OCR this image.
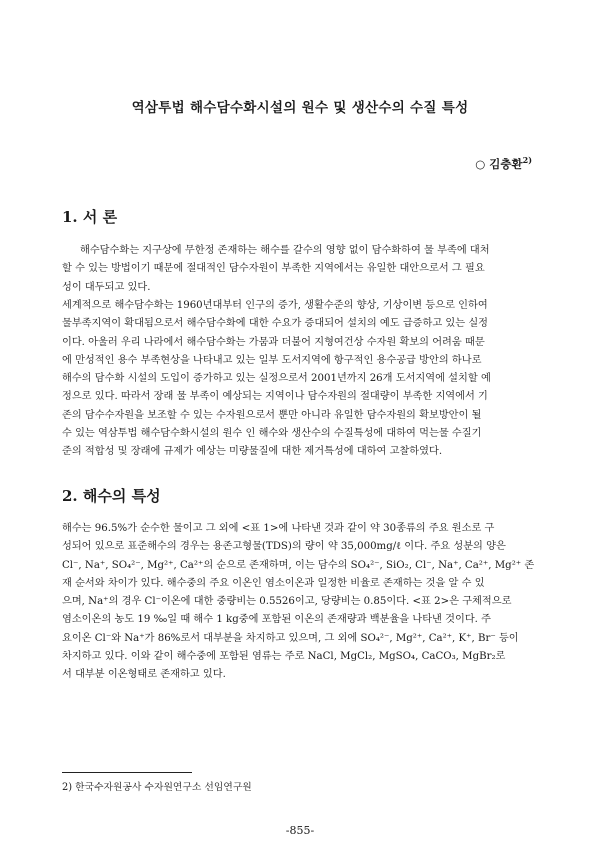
역삼투법 해수담수화시설의 원수 및 생산수의 수질 특성
○ 김충환$^{2)}$
1. 서 론
해수담수화는 지구상에 무한정 존재하는 해수를 갈수의 영향 없이 담수화하여 물 부족에 대처
할 수 있는 방법이기 때문에 절대적인 담수자원이 부족한 지역에서는 유일한 대안으로서 그 필요
성이 대두되고 있다.
세계적으로 해수담수화는 1960년대부터 인구의 증가, 생활수준의 향상, 기상이변 등으로 인하여
물부족지역이 확대됨으로서 해수담수화에 대한 수요가 증대되어 설치의 예도 급증하고 있는 실정
이다. 아울러 우리 나라에서 해수담수화는 가뭄과 더불어 지형여건상 수자원 확보의 어려움 때문
에 만성적인 용수 부족현상을 나타내고 있는 일부 도서지역에 항구적인 용수공급 방안의 하나로
해수의 담수화 시설의 도입이 증가하고 있는 실정으로서 2001년까지 26개 도서지역에 설치할 예
정으로 있다. 따라서 장래 물 부족이 예상되는 지역이나 담수자원의 절대량이 부족한 지역에서 기
존의 담수수자원을 보조할 수 있는 수자원으로서 뿐만 아니라 유일한 담수자원의 확보방안이 될
수 있는 역삼투법 해수담수화시설의 원수 인 해수와 생산수의 수질특성에 대하여 먹는물 수질기
준의 적합성 및 장래에 규제가 예상는 미량물질에 대한 제거특성에 대하여 고찰하였다.
2. 해수의 특성
해수는 96.5%가 순수한 물이고 그 외에 <표 1>에 나타낸 것과 같이 약 30종류의 주요 원소로 구
성되어 있으로 표준해수의 경우는 용존고형물(TDS)의 량이 약 35,000mg/ℓ 이다. 주요 성분의 양은
Cl⁻, Na⁺, SO₄²⁻, Mg²⁺, Ca²⁺의 순으로 존재하며, 이는 담수의 SO₄²⁻, SiO₂, Cl⁻, Na⁺, Ca²⁺, Mg²⁺ 존
재 순서와 차이가 있다. 해수중의 주요 이온인 염소이온과 일정한 비율로 존재하는 것을 알 수 있
으며, Na⁺의 경우 Cl⁻이온에 대한 중량비는 0.5526이고, 당량비는 0.85이다. <표 2>은 구체적으로
염소이온의 농도 19 ‰일 때 해수 1 kg중에 포함된 이온의 존재량과 백분율을 나타낸 것이다. 주
요이온 Cl⁻와 Na⁺가 86%로서 대부분을 차지하고 있으며, 그 외에 SO₄²⁻, Mg²⁺, Ca²⁺, K⁺, Br⁻ 등이
차지하고 있다. 이와 같이 해수중에 포함된 염류는 주로 NaCl, MgCl₂, MgSO₄, CaCO₃, MgBr₂로
서 대부분 이온형태로 존재하고 있다.
2) 한국수자원공사 수자원연구소 선임연구원
-855-
